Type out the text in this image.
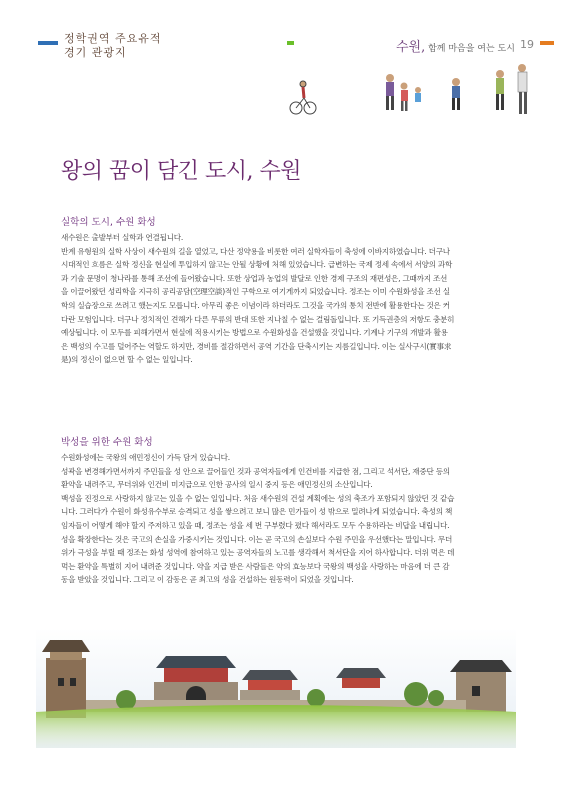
정학권역 주요유적
경기 관광지	수원, 함께 마음을 여는 도시 19
왕의 꿈이 담긴 도시, 수원
실학의 도시, 수원 화성

새수원은 출발부터 실학과 연결됩니다.

반계 유형원의 실학 사상이 새수원의 길을 열었고, 다산 정약용을 비롯한 여러 실학자들이 축성에 이바지하였습니다. 더구나

시대적인 흐름은 실학 정신을 현실에 투입하지 않고는 안될 상황에 처해 있었습니다. 급변하는 국제 정세 속에서 서양의 과학

과 기술 문명이 청나라를 통해 조선에 들어왔습니다. 또한 상업과 농업의 발달로 인한 경제 구조의 재편성은, 그때까지 조선

을 이끌어왔던 성리학을 지극히 공리공담(空理空談)적인 구학으로 여기게까지 되었습니다. 정조는 이미 수원화성을 조선 실

학의 실습장으로 쓰려고 했는지도 모릅니다. 아무리 좋은 이념이라 하더라도 그것을 국가의 통치 전반에 활용한다는 것은 커

다란 모험입니다. 더구나 정치적인 견해가 다른 무류의 반대 또한 지나칠 수 없는 걸림돌입니다. 또 기득권층의 저항도 충분히

예상됩니다. 이 모두를 피해가면서 현실에 적용시키는 방법으로 수원화성을 건설했을 것입니다. 기계나 기구의 개발과 활용

은 백성의 수고를 덜어주는 역할도 하지만, 경비를 절감하면서 공역 기간을 단축시키는 지름길입니다. 이는 실사구시(實事求

是)의 정신이 없으면 할 수 없는 일입니다.

박성을 위한 수원 화성

수원화성에는 국왕의 애민정신이 가득 담겨 있습니다.

성곽을 변경해가면서까지 주민들을 성 안으로 끌어들인 것과 공역자들에게 인건비를 지급한 점, 그리고 석서단, 재중단 등의

환약을 내려주고, 무더위와 인건비 미지급으로 인한 공사의 일시 중지 등은 애민정신의 소산입니다.

백성을 진정으로 사랑하지 않고는 있을 수 없는 일입니다. 처음 새수원의 건설 계획에는 성의 축조가 포함되지 않았던 것 같습

니다. 그러다가 수원이 화성유수부로 승격되고 성을 쌓으려고 보니 많은 민가들이 성 밖으로 밀려나게 되었습니다. 축성의 책

임자들이 어떻게 해야 할지 주저하고 있을 때, 정조는 성을 세 번 구부렸다 폈다 해서라도 모두 수용하라는 비답을 내립니다.

성을 확장한다는 것은 국고의 손실을 가중시키는 것입니다. 이는 곧 국고의 손실보다 수원 주민을 우선했다는 말입니다. 무더

위가 극성을 부릴 때 정조는 화성 성역에 참여하고 있는 공역자들의 노고를 생각해서 척서단을 지어 하사합니다. 더위 먹은 데

먹는 환약을 특별히 지어 내려준 것입니다. 약을 지급 받은 사람들은 약의 효능보다 국왕의 백성을 사랑하는 마음에 더 큰 감

동을 받았을 것입니다. 그리고 이 감동은 곧 최고의 성을 건설하는 원동력이 되었을 것입니다.
